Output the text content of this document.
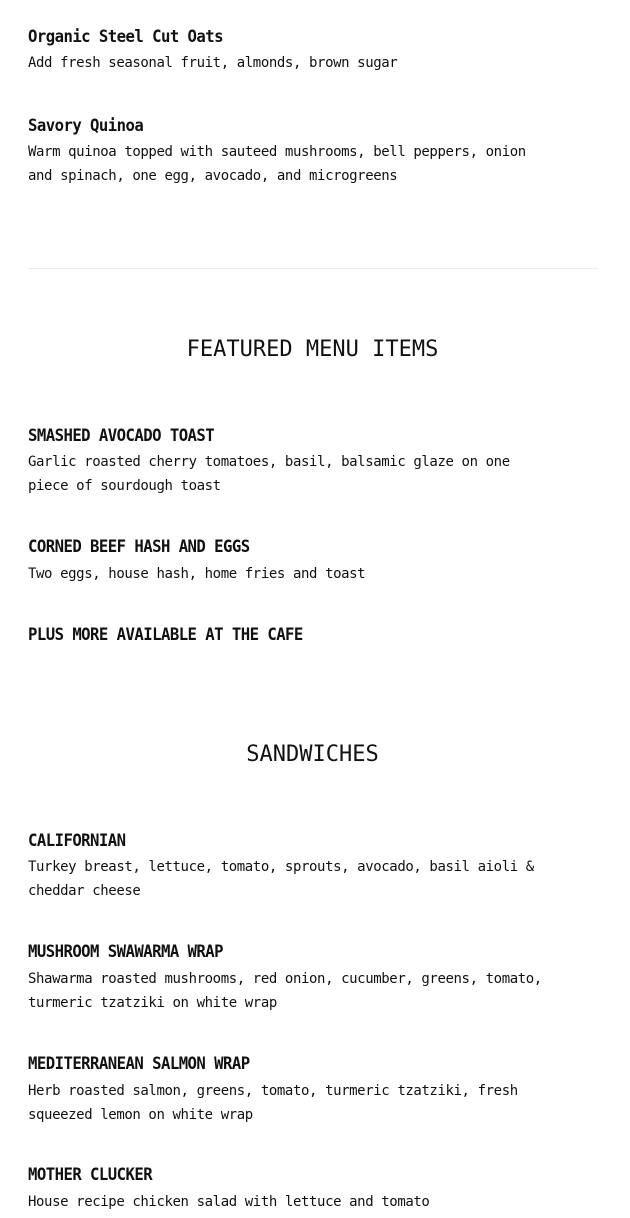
Organic Steel Cut Oats
Add fresh seasonal fruit, almonds, brown sugar
Savory Quinoa
Warm quinoa topped with sauteed mushrooms, bell peppers, onion and spinach, one egg, avocado, and microgreens
FEATURED MENU ITEMS
SMASHED AVOCADO TOAST
Garlic roasted cherry tomatoes, basil, balsamic glaze on one piece of sourdough toast
CORNED BEEF HASH AND EGGS
Two eggs, house hash, home fries and toast
PLUS MORE AVAILABLE AT THE CAFE
SANDWICHES
CALIFORNIAN
Turkey breast, lettuce, tomato, sprouts, avocado, basil aioli & cheddar cheese
MUSHROOM SWAWARMA WRAP
Shawarma roasted mushrooms, red onion, cucumber, greens, tomato, turmeric tzatziki on white wrap
MEDITERRANEAN SALMON WRAP
Herb roasted salmon, greens, tomato, turmeric tzatziki, fresh squeezed lemon on white wrap
MOTHER CLUCKER
House recipe chicken salad with lettuce and tomato
